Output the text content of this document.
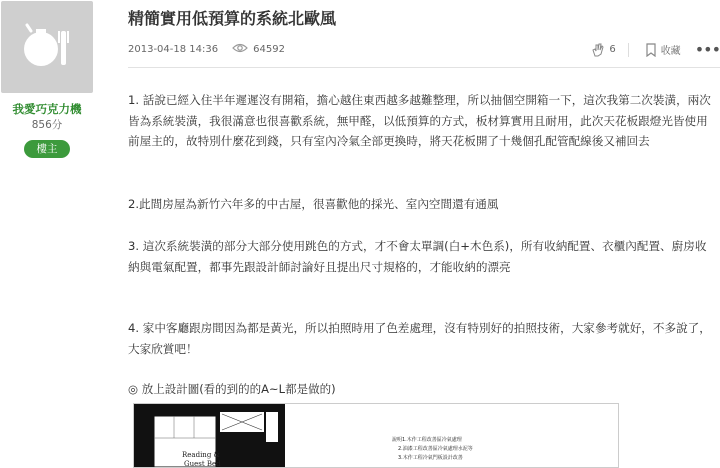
我愛巧克力機
856分
樓主
精簡實用低預算的系統北歐風
2013-04-18 14:36	64592	6	收藏 •••

1. 話說已經入住半年遲遲沒有開箱，擔心越住東西越多越難整理，所以抽個空開箱一下，這次我第二次裝潢，兩次皆為系統裝潢，我很滿意也很喜歡系統，無甲醛，以低預算的方式，板材算實用且耐用，此次天花板跟燈光皆使用前屋主的，故特別什麼花到錢，只有室內冷氣全部更換時，將天花板開了十幾個孔配管配線後又補回去

2.此間房屋為新竹六年多的中古屋，很喜歡他的採光、室內空間還有通風

3. 這次系統裝潢的部分大部分使用跳色的方式，才不會太單調(白+木色系)，所有收納配置、衣櫃內配置、廚房收納與電氣配置，都事先跟設計師討論好且提出尺寸規格的，才能收納的漂亮

4. 家中客廳跟房間因為都是黃光，所以拍照時用了色差處理，沒有特別好的拍照技術，大家參考就好，不多說了，大家欣賞吧！

◎ 放上設計圖(看的到的的A~L都是做的)

Reading &
Guest Bed
說明1.木作工程改善區冷氣處理
2.油漆工程改善區冷氣處理水泥等
3.木作工程冷氣門板設計改善
